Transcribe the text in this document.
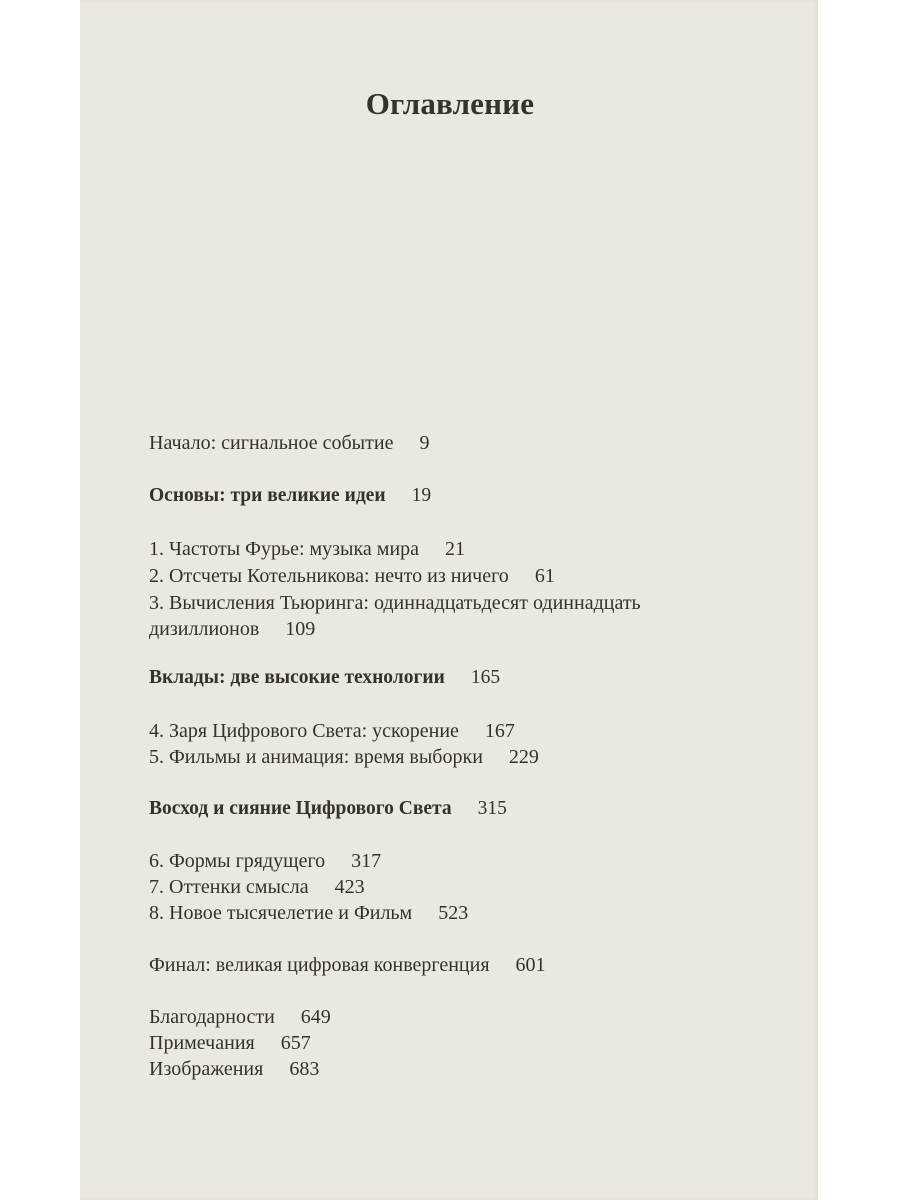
Оглавление
Начало: сигнальное событие 9
Основы: три великие идеи 19
1. Частоты Фурье: музыка мира 21
2. Отсчеты Котельникова: нечто из ничего 61
3. Вычисления Тьюринга: одиннадцатьдесят одиннадцать
дизиллионов 109
Вклады: две высокие технологии 165
4. Заря Цифрового Света: ускорение 167
5. Фильмы и анимация: время выборки 229
Восход и сияние Цифрового Света 315
6. Формы грядущего 317
7. Оттенки смысла 423
8. Новое тысячелетие и Фильм 523
Финал: великая цифровая конвергенция 601
Благодарности 649
Примечания 657
Изображения 683
